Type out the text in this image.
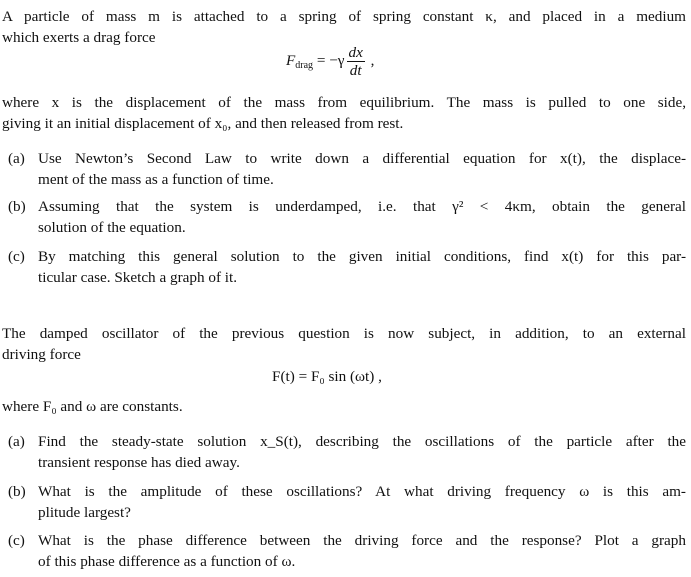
A particle of mass m is attached to a spring of spring constant κ, and placed in a medium
which exerts a drag force
$F_{drag} = -\gamma \frac{dx}{dt}$ ,
where x is the displacement of the mass from equilibrium. The mass is pulled to one side,
giving it an initial displacement of x₀, and then released from rest.
(a) Use Newton’s Second Law to write down a differential equation for x(t), the displace-
ment of the mass as a function of time.
(b) Assuming that the system is underdamped, i.e. that γ² < 4κm, obtain the general
solution of the equation.
(c) By matching this general solution to the given initial conditions, find x(t) for this par-
ticular case. Sketch a graph of it.
The damped oscillator of the previous question is now subject, in addition, to an external
driving force
F(t) = F₀ sin (ωt) ,
where F₀ and ω are constants.
(a) Find the steady-state solution x_S(t), describing the oscillations of the particle after the
transient response has died away.
(b) What is the amplitude of these oscillations? At what driving frequency ω is this am-
plitude largest?
(c) What is the phase difference between the driving force and the response? Plot a graph
of this phase difference as a function of ω.
